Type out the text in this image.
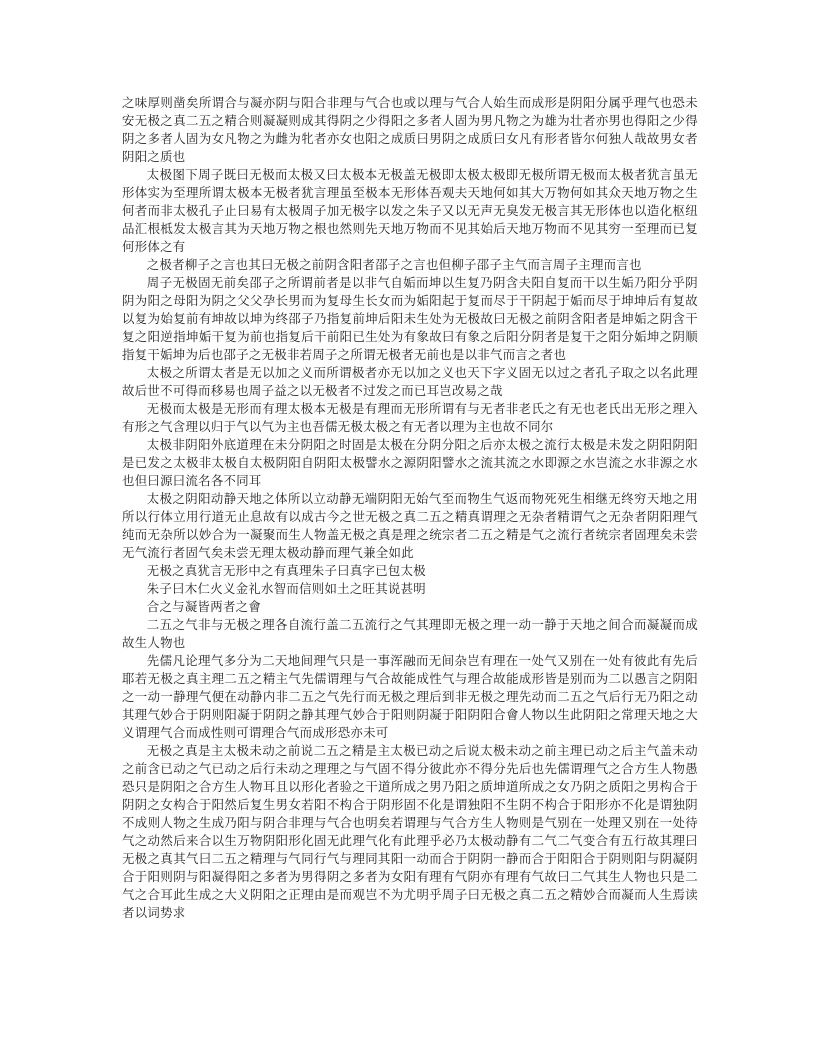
之味厚则凿矣所谓合与凝亦阴与阳合非理与气合也或以理与气合人始生而成形是阴阳分属乎理气也恐未安无极之真二五之精合则凝凝则成其得阴之少得阳之多者人固为男凡物之为雄为壮者亦男也得阳之少得阴之多者人固为女凡物之为雌为牝者亦女也阳之成质曰男阴之成质曰女凡有形者皆尔何独人哉故男女者阴阳之质也

太极图下周子既曰无极而太极又曰太极本无极盖无极即太极太极即无极所谓无极而太极者犹言虽无形体实为至理所谓太极本无极者犹言理虽至极本无形体吾观夫天地何如其大万物何如其众天地万物之生何者而非太极孔子止曰易有太极周子加无极字以发之朱子又以无声无臭发无极言其无形体也以造化枢纽品汇根柢发太极言其为天地万物之根也然则先天地万物而不见其始后天地万物而不见其穷一至理而已复何形体之有

之极者柳子之言也其曰无极之前阴含阳者邵子之言也但柳子邵子主气而言周子主理而言也

周子无极固无前矣邵子之所谓前者是以非气自姤而坤以生复乃阴含夫阳自复而干以生姤乃阳分乎阴阴为阳之母阳为阴之父父孕长男而为复母生长女而为姤阳起于复而尽于干阴起于姤而尽于坤坤后有复故以复为始复前有坤故以坤为终邵子乃指复前坤后阳未生处为无极故曰无极之前阴含阳者是坤姤之阴含干复之阳逆指坤姤干复为前也指复后干前阳已生处为有象故曰有象之后阳分阴者是复干之阳分姤坤之阴顺指复干姤坤为后也邵子之无极非若周子之所谓无极者无前也是以非气而言之者也

太极之所谓太者是无以加之义而所谓极者亦无以加之义也天下字义固无以过之者孔子取之以名此理故后世不可得而移易也周子益之以无极者不过发之而已耳岂改易之哉

无极而太极是无形而有理太极本无极是有理而无形所谓有与无者非老氏之有无也老氏出无形之理入有形之气含理以归于气以气为主也吾儒无极太极之有无者以理为主也故不同尔

太极非阴阳外底道理在未分阴阳之时固是太极在分阴分阳之后亦太极之流行太极是未发之阴阳阴阳是已发之太极非太极自太极阴阳自阴阳太极譬水之源阴阳譬水之流其流之水即源之水岂流之水非源之水也但曰源曰流名各不同耳

太极之阴阳动静天地之体所以立动静无端阴阳无始气至而物生气返而物死死生相继无终穷天地之用所以行体立用行道无止息故有以成古今之世无极之真二五之精真谓理之无杂者精谓气之无杂者阴阳理气纯而无杂所以妙合为一凝聚而生人物盖无极之真是理之统宗者二五之精是气之流行者统宗者固理矣未尝无气流行者固气矣未尝无理太极动静而理气兼全如此

无极之真犹言无形中之有真理朱子曰真字已包太极

朱子曰木仁火义金礼水智而信则如土之旺其说甚明

合之与凝皆两者之會

二五之气非与无极之理各自流行盖二五流行之气其理即无极之理一动一静于天地之间合而凝凝而成故生人物也

先儒凡论理气多分为二天地间理气只是一事浑融而无间杂岂有理在一处气又别在一处有彼此有先后耶若无极之真主理二五之精主气先儒谓理与气合故能成性气与理合故能成形皆是别而为二以愚言之阴阳之一动一静理气便在动静内非二五之气先行而无极之理后到非无极之理先动而二五之气后行无乃阳之动其理气妙合于阴则阳凝于阴阴之静其理气妙合于阳则阴凝于阳阴阳合會人物以生此阴阳之常理天地之大义谓理气合而成性则可谓理合气而成形恐亦未可

无极之真是主太极未动之前说二五之精是主太极已动之后说太极未动之前主理已动之后主气盖未动之前含已动之气已动之后行未动之理理之与气固不得分彼此亦不得分先后也先儒谓理气之合方生人物愚恐只是阴阳之合方生人物耳且以形化者验之干道所成之男乃阳之质坤道所成之女乃阴之质阳之男构合于阴阴之女构合于阳然后复生男女若阳不构合于阴形固不化是谓独阳不生阴不构合于阳形亦不化是谓独阴不成则人物之生成乃阳与阴合非理与气合也明矣若谓理与气合方生人物则是气别在一处理又别在一处待气之动然后来合以生万物阴阳形化固无此理气化有此理乎必乃太极动静有二气二气变合有五行故其理曰无极之真其气曰二五之精理与气同行气与理同其阳一动而合于阴阴一静而合于阳阳合于阴则阳与阴凝阴合于阳则阴与阳凝得阳之多者为男得阴之多者为女阳有理有气阴亦有理有气故曰二气其生人物也只是二气之合耳此生成之大义阴阳之正理由是而观岂不为尤明乎周子曰无极之真二五之精妙合而凝而人生焉读者以词势求
